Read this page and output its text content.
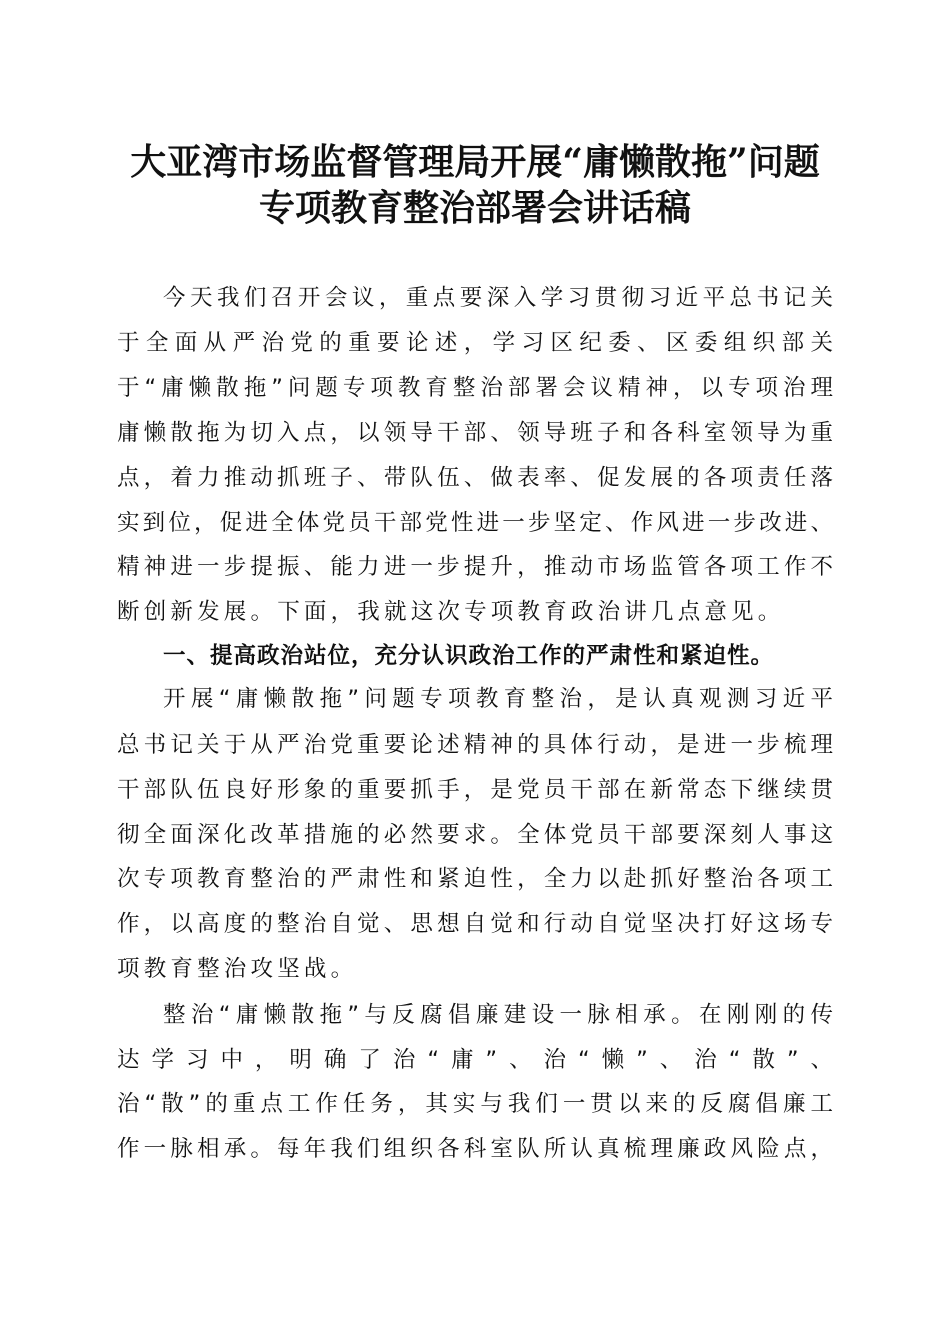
大亚湾市场监督管理局开展“庸懒散拖”问题
专项教育整治部署会讲话稿
今天我们召开会议，重点要深入学习贯彻习近平总书记关
于全面从严治党的重要论述，学习区纪委、区委组织部关
于“庸懒散拖”问题专项教育整治部署会议精神，以专项治理
庸懒散拖为切入点，以领导干部、领导班子和各科室领导为重
点，着力推动抓班子、带队伍、做表率、促发展的各项责任落
实到位，促进全体党员干部党性进一步坚定、作风进一步改进、
精神进一步提振、能力进一步提升，推动市场监管各项工作不
断创新发展。下面，我就这次专项教育政治讲几点意见。
一、提高政治站位，充分认识政治工作的严肃性和紧迫性。
开展“庸懒散拖”问题专项教育整治，是认真观测习近平
总书记关于从严治党重要论述精神的具体行动，是进一步梳理
干部队伍良好形象的重要抓手，是党员干部在新常态下继续贯
彻全面深化改革措施的必然要求。全体党员干部要深刻人事这
次专项教育整治的严肃性和紧迫性，全力以赴抓好整治各项工
作，以高度的整治自觉、思想自觉和行动自觉坚决打好这场专
项教育整治攻坚战。
整治“庸懒散拖”与反腐倡廉建设一脉相承。在刚刚的传
达学习中，明确了治“庸”、治“懒”、治“散”、
治“散”的重点工作任务，其实与我们一贯以来的反腐倡廉工
作一脉相承。每年我们组织各科室队所认真梳理廉政风险点，
